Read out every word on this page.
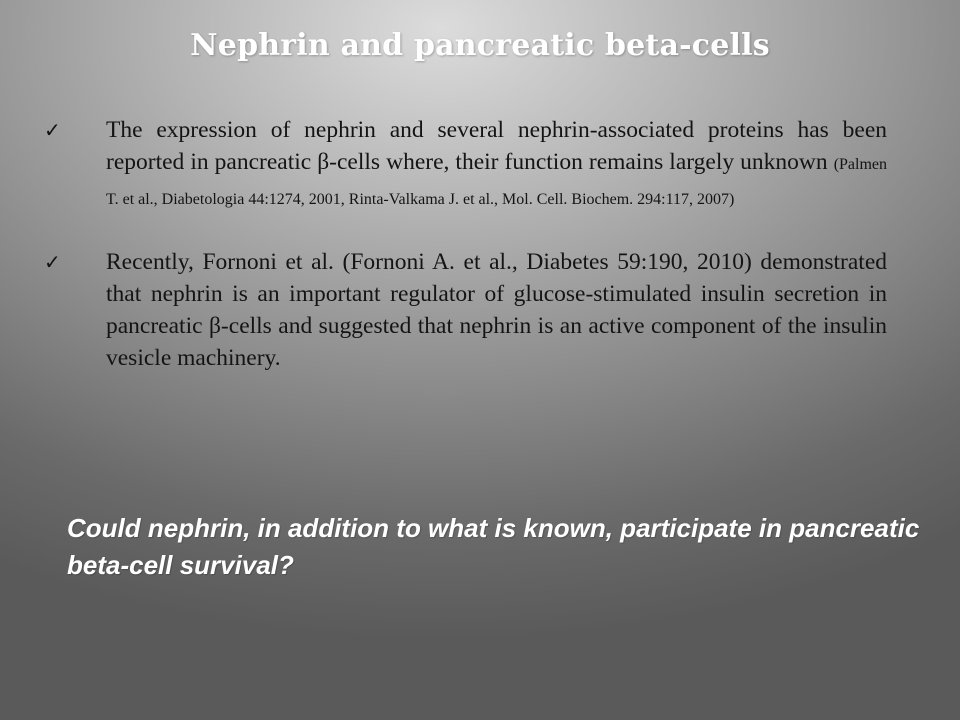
Nephrin and pancreatic beta-cells
✓ The expression of nephrin and several nephrin-associated proteins has been reported in pancreatic β-cells where, their function remains largely unknown (Palmen T. et al., Diabetologia 44:1274, 2001, Rinta-Valkama J. et al., Mol. Cell. Biochem. 294:117, 2007)
✓ Recently, Fornoni et al. (Fornoni A. et al., Diabetes 59:190, 2010) demonstrated that nephrin is an important regulator of glucose-stimulated insulin secretion in pancreatic β-cells and suggested that nephrin is an active component of the insulin vesicle machinery.
Could nephrin, in addition to what is known, participate in pancreatic beta-cell survival?
